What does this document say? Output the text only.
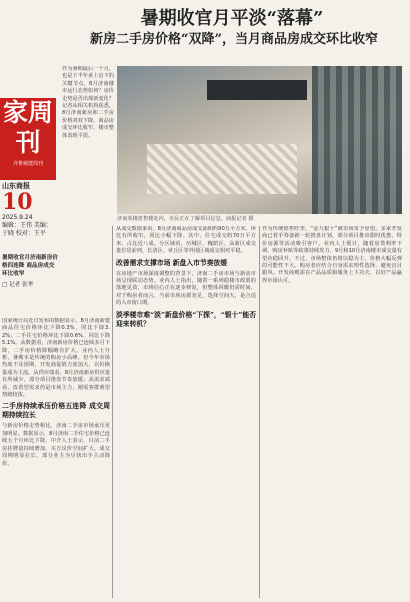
暑期收官月平淡“落幕”
新房二手房价格“双降”，当月商品房成交环比收窄
济南某楼盘售楼处内，市民正在了解项目信息。商报记者 摄
作为暑期最后一个月，也是下半年承上启下的关键节点，8月济南楼市运行态势如何？房价走势是否出现新变化？记者从相关机构获悉，8月济南新房和二手房价格双双下降，商品房成交环比收窄，楼市整体表现平淡。
家周刊
齐鲁城建周刊
山东商报
10
2025.9.24
编辑：王伟 美编：于晓 校对：王平
暑期收官月济南新房价格四连降 商品房成交环比收窄
□ 记者 张华
国家统计局近日发布的数据显示，8月济南新建商品住宅价格环比下降0.3%，同比下降3.2%；二手住宅价格环比下降0.6%，同比下降5.1%。从数据看，济南新房价格已连续多月下降，二手房价格降幅略有扩大。业内人士分析，暑期本是传统的购房小高峰，但今年市场热度不及预期，开发商促销力度加大，以价换量成为主流。从供应端看，8月济南新房供应量有所减少，部分项目推盘节奏放缓；从需求端看，改善型需求仍是市场主力，刚需客群观望情绪较浓。
二手房持续承压价格五连降 成交周期持续拉长
与新房价格走势相比，济南二手房市场承压更加明显。数据显示，8月济南二手住宅价格已连续五个月环比下降。中介人士表示，目前二手房挂牌量持续增加，买方议价空间扩大，成交周期明显拉长，部分业主为尽快出手主动降价。
从成交数据来看，8月济南商品房成交面积约90万平方米，环比有所收窄，同比小幅下降。其中，住宅成交约70万平方米，占比近八成。分区域看，历城区、槐荫区、高新区成交量位居前列，长清区、章丘区等外围区域成交相对平稳。
改善需求支撑市场 新盘入市节奏放缓
在房地产市场深度调整的背景下，济南二手房市场与新房市场呈现联动态势。业内人士指出，随着一系列稳楼市政策的落地见效，市场信心正在逐步修复，但整体回暖仍需时间。对于购房者而言，当前市场房源充足、选择空间大，是合适的入市窗口期。
淡季楼市难“淡”新盘价格“下探”，“银十”能否迎来转机？
作为传统销售旺季，“金九银十”被市场寄予厚望。多家开发商已着手筹备新一轮推盘计划，部分项目推出限时优惠、特价房源等活动吸引客户。业内人士预计，随着房贷利率下调、购房补贴等政策持续发力，9月和10月济南楼市成交量有望企稳回升。不过，市场整体仍将以稳为主，价格大幅反弹的可能性不大。购房者应结合自身需求理性选择，避免盲目跟风。开发商则需在产品品质和服务上下功夫，以好产品赢得市场认可。
